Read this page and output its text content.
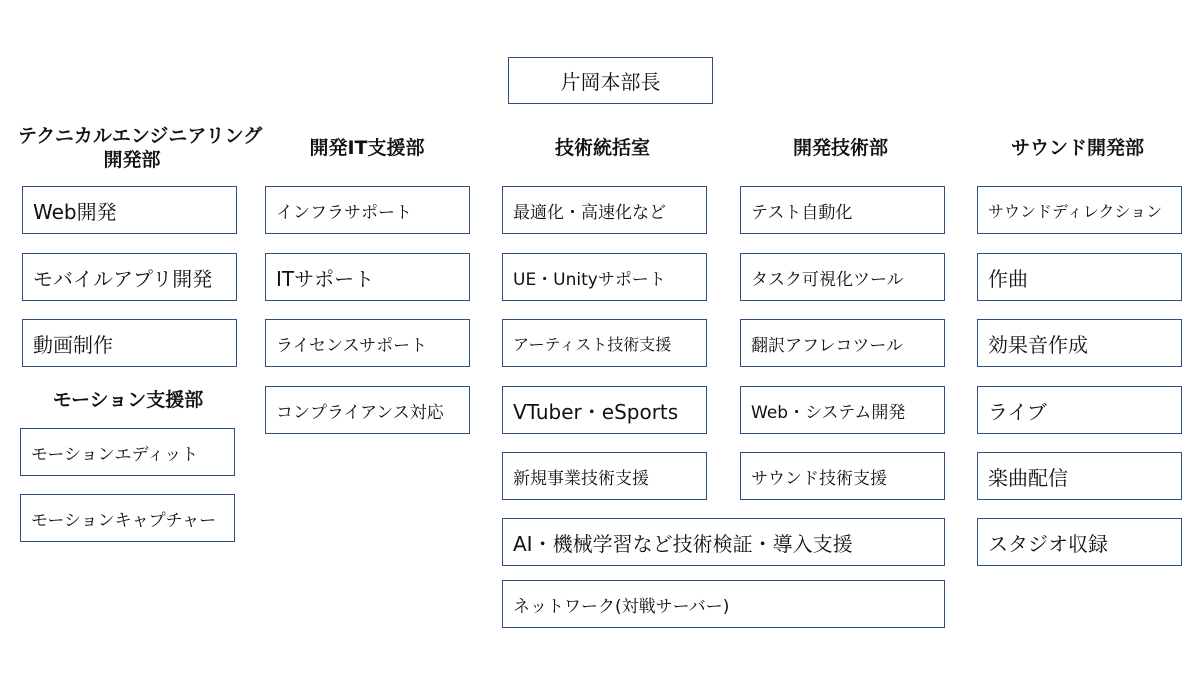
片岡本部長
テクニカルエンジニアリング
開発部
Web開発
モバイルアプリ開発
動画制作
モーション支援部
モーションエディット
モーションキャプチャー
開発IT支援部
インフラサポート
ITサポート
ライセンスサポート
コンプライアンス対応
技術統括室
最適化・高速化など
UE・Unityサポート
アーティスト技術支援
VTuber・eSports
新規事業技術支援
開発技術部
テスト自動化
タスク可視化ツール
翻訳アフレコツール
Web・システム開発
サウンド技術支援
サウンド開発部
サウンドディレクション
作曲
効果音作成
ライブ
楽曲配信
スタジオ収録
AI・機械学習など技術検証・導入支援
ネットワーク(対戦サーバー)
